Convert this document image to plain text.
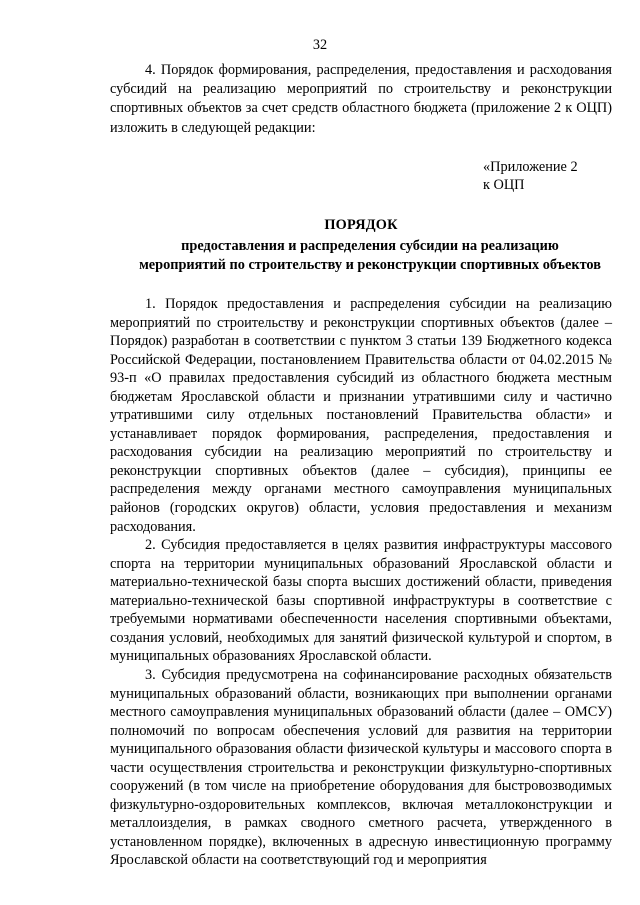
32

4. Порядок формирования, распределения, предоставления и расходования субсидий на реализацию мероприятий по строительству и реконструкции спортивных объектов за счет средств областного бюджета (приложение 2 к ОЦП) изложить в следующей редакции:

«Приложение 2
к ОЦП
ПОРЯДОК
предоставления и распределения субсидии на реализацию
мероприятий по строительству и реконструкции спортивных объектов

1. Порядок предоставления и распределения субсидии на реализацию мероприятий по строительству и реконструкции спортивных объектов (далее – Порядок) разработан в соответствии с пунктом 3 статьи 139 Бюджетного кодекса Российской Федерации, постановлением Правительства области от 04.02.2015 № 93-п «О правилах предоставления субсидий из областного бюджета местным бюджетам Ярославской области и признании утратившими силу и частично утратившими силу отдельных постановлений Правительства области» и устанавливает порядок формирования, распределения, предоставления и расходования субсидии на реализацию мероприятий по строительству и реконструкции спортивных объектов (далее – субсидия), принципы ее распределения между органами местного самоуправления муниципальных районов (городских округов) области, условия предоставления и механизм расходования.

2. Субсидия предоставляется в целях развития инфраструктуры массового спорта на территории муниципальных образований Ярославской области и материально-технической базы спорта высших достижений области, приведения материально-технической базы спортивной инфраструктуры в соответствие с требуемыми нормативами обеспеченности населения спортивными объектами, создания условий, необходимых для занятий физической культурой и спортом, в муниципальных образованиях Ярославской области.

3. Субсидия предусмотрена на софинансирование расходных обязательств муниципальных образований области, возникающих при выполнении органами местного самоуправления муниципальных образований области (далее – ОМСУ) полномочий по вопросам обеспечения условий для развития на территории муниципального образования области физической культуры и массового спорта в части осуществления строительства и реконструкции физкультурно-спортивных сооружений (в том числе на приобретение оборудования для быстровозводимых физкультурно-оздоровительных комплексов, включая металлоконструкции и металлоизделия, в рамках сводного сметного расчета, утвержденного в установленном порядке), включенных в адресную инвестиционную программу Ярославской области на соответствующий год и мероприятия
